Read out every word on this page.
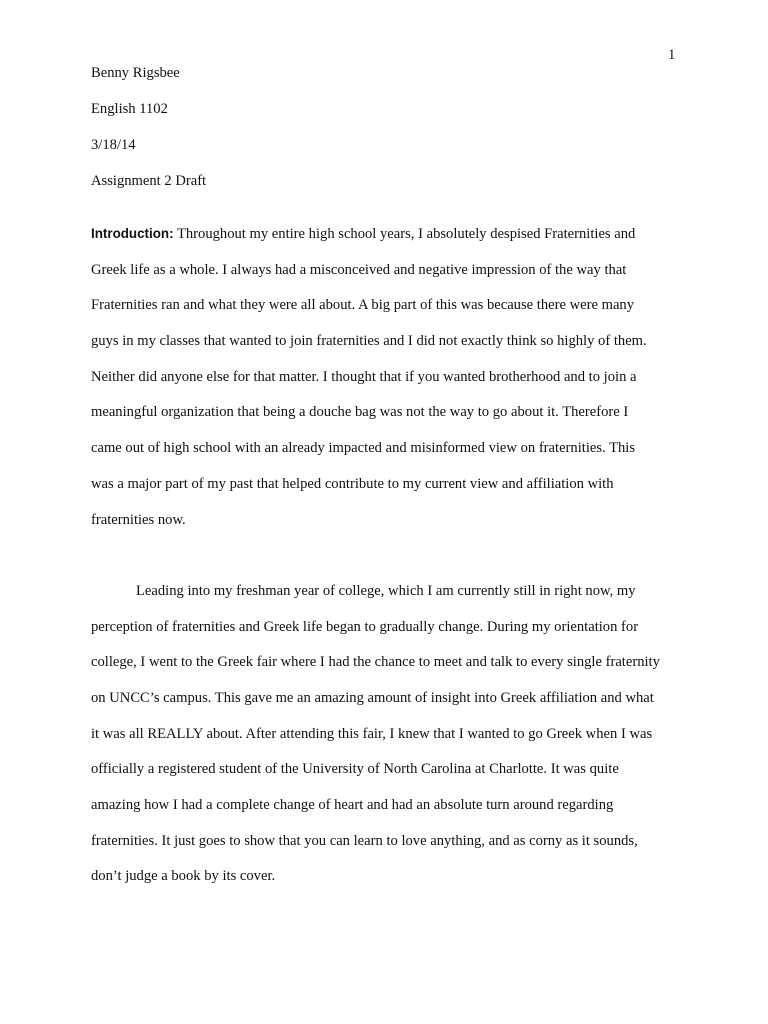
1
Benny Rigsbee
English 1102
3/18/14
Assignment 2 Draft
Introduction: Throughout my entire high school years, I absolutely despised Fraternities and
Greek life as a whole. I always had a misconceived and negative impression of the way that
Fraternities ran and what they were all about. A big part of this was because there were many
guys in my classes that wanted to join fraternities and I did not exactly think so highly of them.
Neither did anyone else for that matter. I thought that if you wanted brotherhood and to join a
meaningful organization that being a douche bag was not the way to go about it. Therefore I
came out of high school with an already impacted and misinformed view on fraternities. This
was a major part of my past that helped contribute to my current view and affiliation with
fraternities now.
Leading into my freshman year of college, which I am currently still in right now, my
perception of fraternities and Greek life began to gradually change. During my orientation for
college, I went to the Greek fair where I had the chance to meet and talk to every single fraternity
on UNCC’s campus. This gave me an amazing amount of insight into Greek affiliation and what
it was all REALLY about. After attending this fair, I knew that I wanted to go Greek when I was
officially a registered student of the University of North Carolina at Charlotte. It was quite
amazing how I had a complete change of heart and had an absolute turn around regarding
fraternities. It just goes to show that you can learn to love anything, and as corny as it sounds,
don’t judge a book by its cover.
